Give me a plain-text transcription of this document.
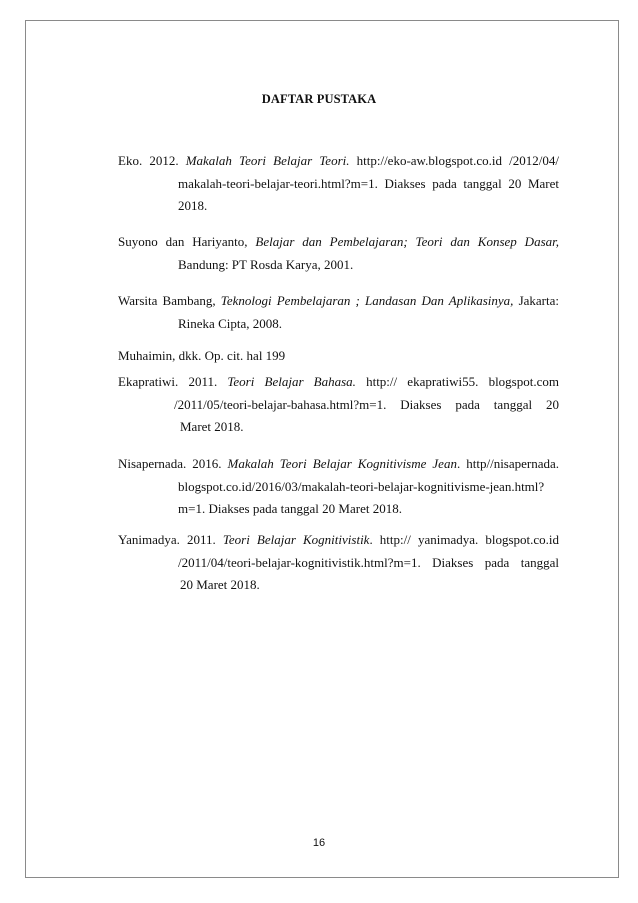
DAFTAR PUSTAKA
Eko. 2012. Makalah Teori Belajar Teori. http://eko-aw.blogspot.co.id /2012/04/
makalah-teori-belajar-teori.html?m=1. Diakses pada tanggal 20 Maret
2018.
Suyono dan Hariyanto, Belajar dan Pembelajaran; Teori dan Konsep Dasar,
Bandung: PT Rosda Karya, 2001.
Warsita Bambang, Teknologi Pembelajaran ; Landasan Dan Aplikasinya, Jakarta:
Rineka Cipta, 2008.
Muhaimin, dkk. Op. cit. hal 199
Ekapratiwi. 2011. Teori Belajar Bahasa. http:// ekapratiwi55. blogspot.com
/2011/05/teori-belajar-bahasa.html?m=1. Diakses pada tanggal 20
Maret 2018.
Nisapernada. 2016. Makalah Teori Belajar Kognitivisme Jean. http//nisapernada.
blogspot.co.id/2016/03/makalah-teori-belajar-kognitivisme-jean.html?
m=1. Diakses pada tanggal 20 Maret 2018.
Yanimadya. 2011. Teori Belajar Kognitivistik. http:// yanimadya. blogspot.co.id
/2011/04/teori-belajar-kognitivistik.html?m=1. Diakses pada tanggal
20 Maret 2018.
16
